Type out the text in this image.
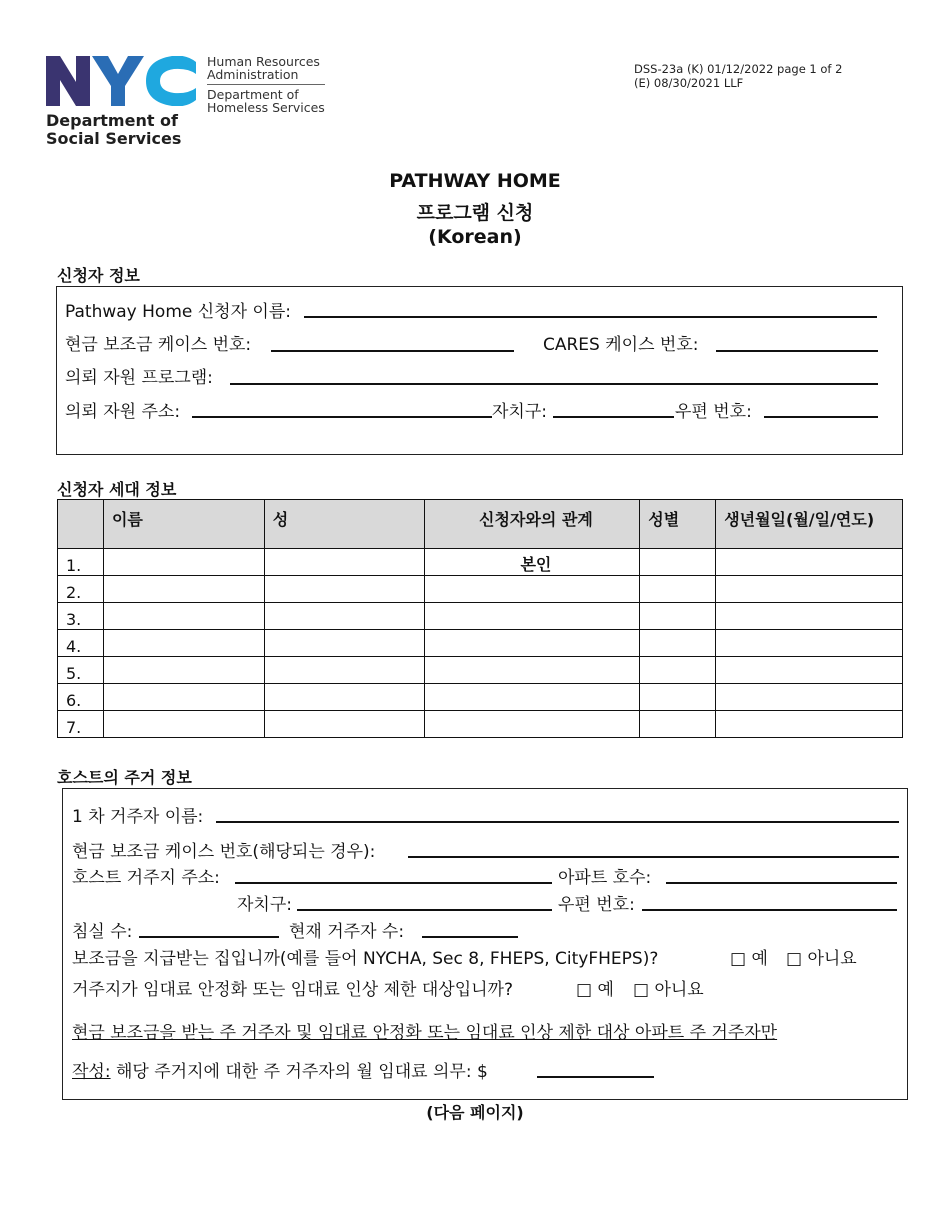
Department of
Social Services
Human Resources
Administration
Department of
Homeless Services
DSS-23a (K) 01/12/2022 page 1 of 2
(E) 08/30/2021 LLF
PATHWAY HOME
프로그램 신청
(Korean)
신청자 정보
Pathway Home 신청자 이름:
현금 보조금 케이스 번호:	CARES 케이스 번호:
의뢰 자원 프로그램:
의뢰 자원 주소:	자치구:	우편 번호:
신청자 세대 정보
	이름	성	신청자와의 관계	성별	생년월일(월/일/연도)
1.			본인		
2.					
3.					
4.					
5.					
6.					
7.					
호스트의 주거 정보
1 차 거주자 이름:
현금 보조금 케이스 번호(해당되는 경우):
호스트 거주지 주소:	아파트 호수:
자치구:	우편 번호:
침실 수:	현재 거주자 수:
보조금을 지급받는 집입니까(예를 들어 NYCHA, Sec 8, FHEPS, CityFHEPS)?	□ 예 □ 아니요
거주지가 임대료 안정화 또는 임대료 인상 제한 대상입니까?	□ 예 □ 아니요
현금 보조금을 받는 주 거주자 및 임대료 안정화 또는 임대료 인상 제한 대상 아파트 주 거주자만
작성: 해당 주거지에 대한 주 거주자의 월 임대료 의무: $
(다음 페이지)
